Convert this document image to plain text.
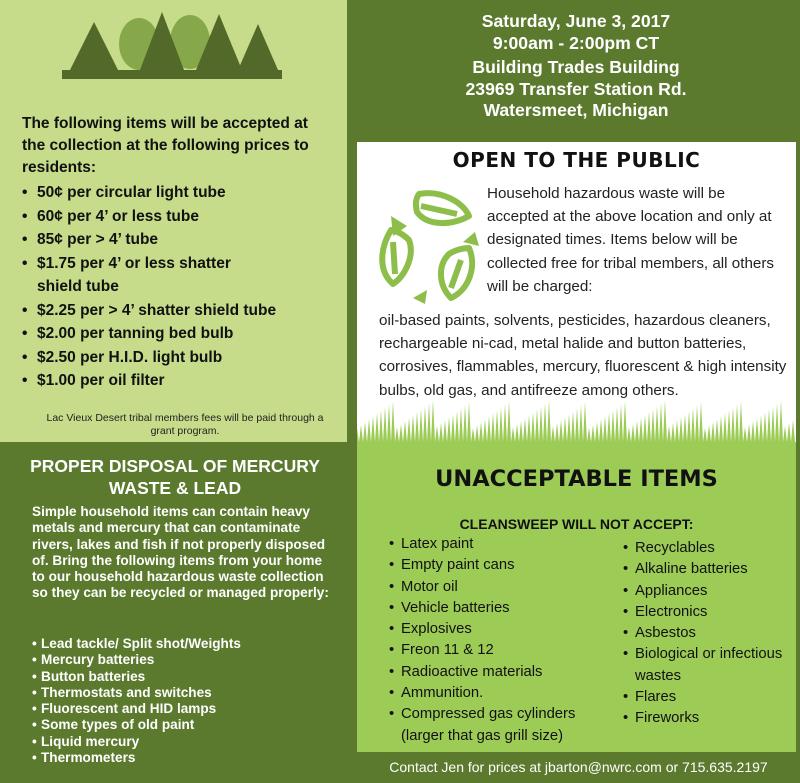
The following items will be accepted at the collection at the following prices to residents:
• 50¢ per circular light tube
• 60¢ per 4’ or less tube
• 85¢ per > 4’ tube
• $1.75 per 4’ or less shatter shield tube
• $2.25 per > 4’ shatter shield tube
• $2.00 per tanning bed bulb
• $2.50 per H.I.D. light bulb
• $1.00 per oil filter
Lac Vieux Desert tribal members fees will be paid through a grant program.
PROPER DISPOSAL OF MERCURY WASTE & LEAD
Simple household items can contain heavy metals and mercury that can contaminate rivers, lakes and fish if not properly disposed of. Bring the following items from your home to our household hazardous waste collection so they can be recycled or managed properly:
• Lead tackle/ Split shot/Weights
• Mercury batteries
• Button batteries
• Thermostats and switches
• Fluorescent and HID lamps
• Some types of old paint
• Liquid mercury
• Thermometers
Saturday, June 3, 2017
9:00am - 2:00pm CT
Building Trades Building
23969 Transfer Station Rd.
Watersmeet, Michigan
OPEN TO THE PUBLIC
Household hazardous waste will be accepted at the above location and only at designated times. Items below will be collected free for tribal members, all others will be charged:
oil-based paints, solvents, pesticides, hazardous cleaners, rechargeable ni-cad, metal halide and button batteries, corrosives, flammables, mercury, fluorescent & high intensity bulbs, old gas, and antifreeze among others.
UNACCEPTABLE ITEMS
CLEANSWEEP WILL NOT ACCEPT:
• Latex paint
• Empty paint cans
• Motor oil
• Vehicle batteries
• Explosives
• Freon 11 & 12
• Radioactive materials
• Ammunition.
• Compressed gas cylinders (larger that gas grill size)
• Recyclables
• Alkaline batteries
• Appliances
• Electronics
• Asbestos
• Biological or infectious wastes
• Flares
• Fireworks
Contact Jen for prices at jbarton@nwrc.com or 715.635.2197
